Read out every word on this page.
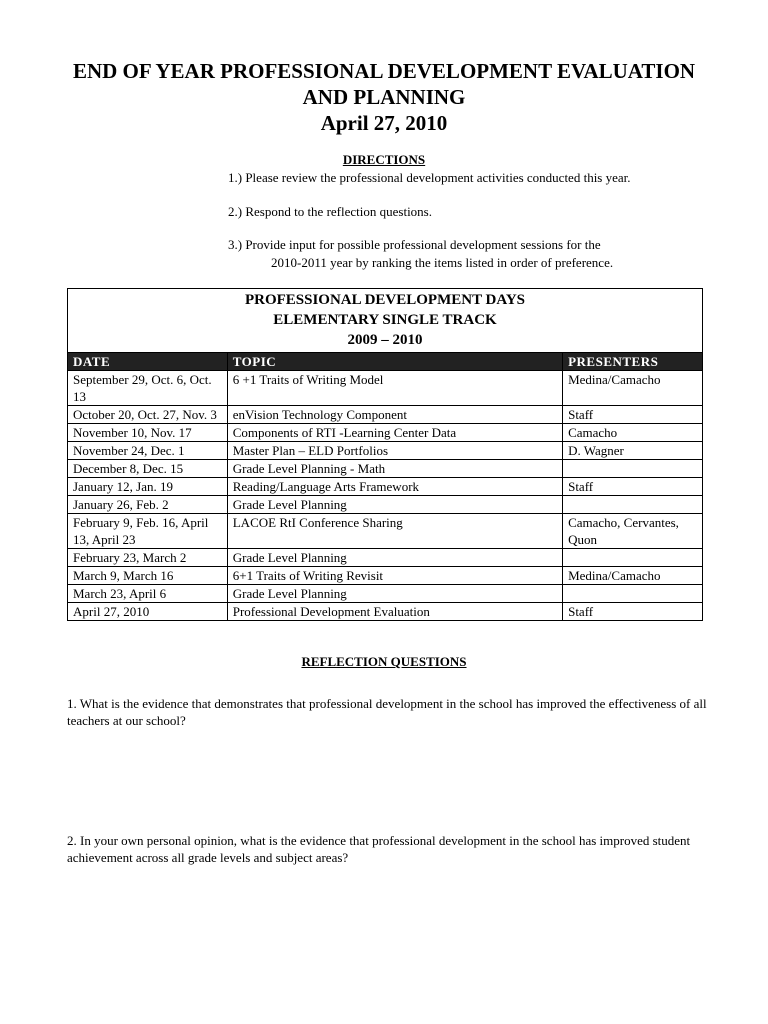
END OF YEAR PROFESSIONAL DEVELOPMENT EVALUATION
AND PLANNING
April 27, 2010
DIRECTIONS
1.) Please review the professional development activities conducted this year.
2.) Respond to the reflection questions.
3.) Provide input for possible professional development sessions for the
2010-2011 year by ranking the items listed in order of preference.
PROFESSIONAL DEVELOPMENT DAYS
ELEMENTARY SINGLE TRACK
2009 – 2010		

DATE	TOPIC	PRESENTERS
September 29, Oct. 6, Oct. 13	6 +1 Traits of Writing Model	Medina/Camacho
October 20, Oct. 27, Nov. 3	enVision Technology Component	Staff
November 10, Nov. 17	Components of RTI -Learning Center Data	Camacho
November 24, Dec. 1	Master Plan – ELD Portfolios	D. Wagner
December 8, Dec. 15	Grade Level Planning - Math	
January 12, Jan. 19	Reading/Language Arts Framework	Staff
January 26, Feb. 2	Grade Level Planning	
February 9, Feb. 16, April 13, April 23	LACOE RtI Conference Sharing	Camacho, Cervantes, Quon
February 23, March 2	Grade Level Planning	
March 9, March 16	6+1 Traits of Writing Revisit	Medina/Camacho
March 23, April 6	Grade Level Planning	
April 27, 2010	Professional Development Evaluation	Staff
REFLECTION QUESTIONS
1. What is the evidence that demonstrates that professional development in the school has improved the effectiveness of all teachers at our school?
2. In your own personal opinion, what is the evidence that professional development in the school has improved student achievement across all grade levels and subject areas?
